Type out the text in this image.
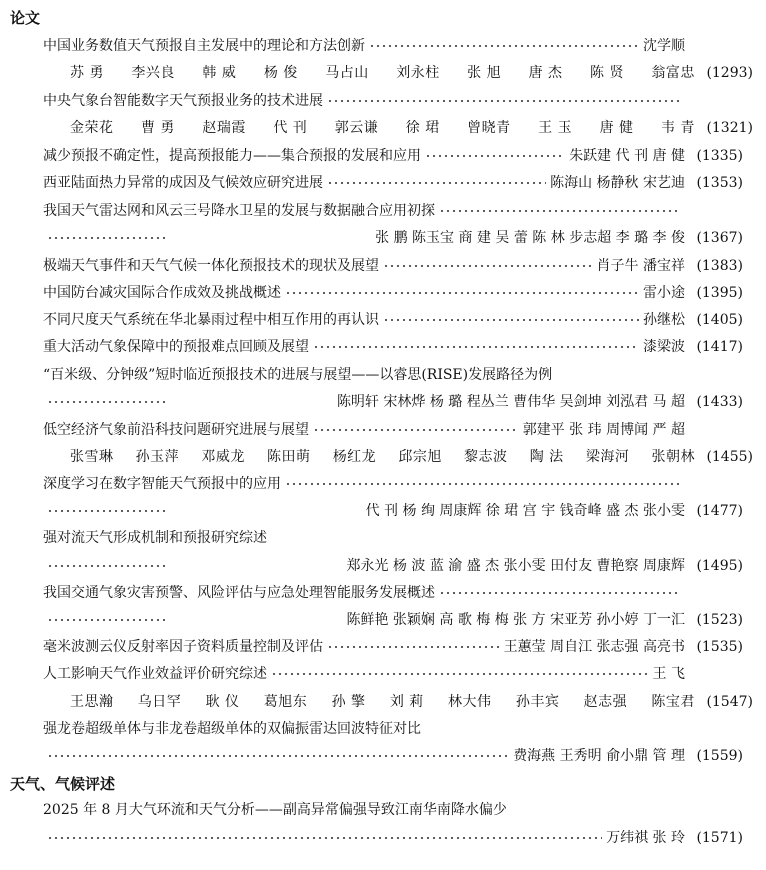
论文
中国业务数值天气预报自主发展中的理论和方法创新	沈学顺
苏 勇 李兴良 韩 威 杨 俊 马占山 刘永柱 张 旭 唐 杰 陈 贤 翁富忠 (1293)
中央气象台智能数字天气预报业务的技术进展
金荣花 曹 勇 赵瑞霞 代 刊 郭云谦 徐 珺 曾晓青 王 玉 唐 健 韦 青 (1321)
减少预报不确定性，提高预报能力——集合预报的发展和应用	朱跃建 代 刊 唐 健 (1335)
西亚陆面热力异常的成因及气候效应研究进展	陈海山 杨静秋 宋艺迪 (1353)
我国天气雷达网和风云三号降水卫星的发展与数据融合应用初探
张 鹏 陈玉宝 商 建 吴 蕾 陈 林 步志超 李 璐 李 俊 (1367)
极端天气事件和天气气候一体化预报技术的现状及展望	肖子牛 潘宝祥 (1383)
中国防台减灾国际合作成效及挑战概述	雷小途 (1395)
不同尺度天气系统在华北暴雨过程中相互作用的再认识	孙继松 (1405)
重大活动气象保障中的预报难点回顾及展望	漆梁波 (1417)
“百米级、分钟级”短时临近预报技术的进展与展望——以睿思(RISE)发展路径为例
陈明轩 宋林烨 杨 璐 程丛兰 曹伟华 吴剑坤 刘泓君 马 超 (1433)
低空经济气象前沿科技问题研究进展与展望	郭建平 张 玮 周博闻 严 超
张雪琳 孙玉萍 邓威龙 陈田萌 杨红龙 邱宗旭 黎志波 陶 法 梁海河 张朝林 (1455)
深度学习在数字智能天气预报中的应用
代 刊 杨 绚 周康辉 徐 珺 宫 宇 钱奇峰 盛 杰 张小雯 (1477)
强对流天气形成机制和预报研究综述
郑永光 杨 波 蓝 渝 盛 杰 张小雯 田付友 曹艳察 周康辉 (1495)
我国交通气象灾害预警、风险评估与应急处理智能服务发展概述
陈鲜艳 张颖娴 高 歌 梅 梅 张 方 宋亚芳 孙小婷 丁一汇 (1523)
毫米波测云仪反射率因子资料质量控制及评估	王蕙莹 周自江 张志强 高亮书 (1535)
人工影响天气作业效益评价研究综述	王 飞
王思瀚 乌日罕 耿 仪 葛旭东 孙 擎 刘 莉 林大伟 孙丰宾 赵志强 陈宝君 (1547)
强龙卷超级单体与非龙卷超级单体的双偏振雷达回波特征对比
费海燕 王秀明 俞小鼎 管 理 (1559)
天气、气候评述
2025 年 8 月大气环流和天气分析——副高异常偏强导致江南华南降水偏少
万纬祺 张 玲 (1571)
